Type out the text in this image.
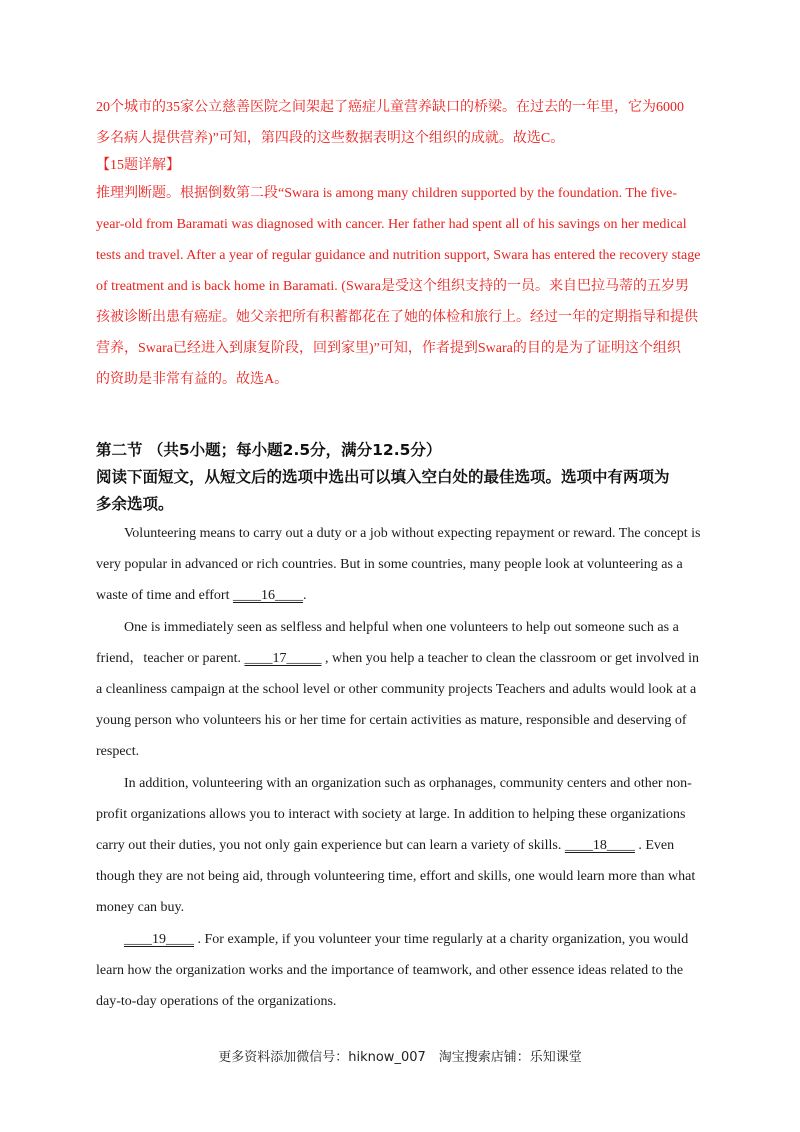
20个城市的35家公立慈善医院之间架起了癌症儿童营养缺口的桥梁。在过去的一年里，它为6000

多名病人提供营养)”可知，第四段的这些数据表明这个组织的成就。故选C。

【15题详解】

推理判断题。根据倒数第二段“Swara is among many children supported by the foundation. The five-

year-old from Baramati was diagnosed with cancer. Her father had spent all of his savings on her medical

tests and travel. After a year of regular guidance and nutrition support, Swara has entered the recovery stage

of treatment and is back home in Baramati. (Swara是受这个组织支持的一员。来自巴拉马蒂的五岁男

孩被诊断出患有癌症。她父亲把所有积蓄都花在了她的体检和旅行上。经过一年的定期指导和提供

营养，Swara已经进入到康复阶段，回到家里)”可知，作者提到Swara的目的是为了证明这个组织

的资助是非常有益的。故选A。

第二节 （共5小题；每小题2.5分，满分12.5分）

阅读下面短文，从短文后的选项中选出可以填入空白处的最佳选项。选项中有两项为

多余选项。

Volunteering means to carry out a duty or a job without expecting repayment or reward. The concept is very popular in advanced or rich countries. But in some countries, many people look at volunteering as a waste of time and effort ____16____.

One is immediately seen as selfless and helpful when one volunteers to help out someone such as a friend，teacher or parent. ____17_____ , when you help a teacher to clean the classroom or get involved in a cleanliness campaign at the school level or other community projects Teachers and adults would look at a young person who volunteers his or her time for certain activities as mature, responsible and deserving of respect.

In addition, volunteering with an organization such as orphanages, community centers and other non-profit organizations allows you to interact with society at large. In addition to helping these organizations carry out their duties, you not only gain experience but can learn a variety of skills. ____18____ . Even though they are not being aid, through volunteering time, effort and skills, one would learn more than what money can buy.

____19____ . For example, if you volunteer your time regularly at a charity organization, you would learn how the organization works and the importance of teamwork, and other essence ideas related to the day-to-day operations of the organizations.

更多资料添加微信号：hiknow_007　淘宝搜索店铺：乐知课堂
